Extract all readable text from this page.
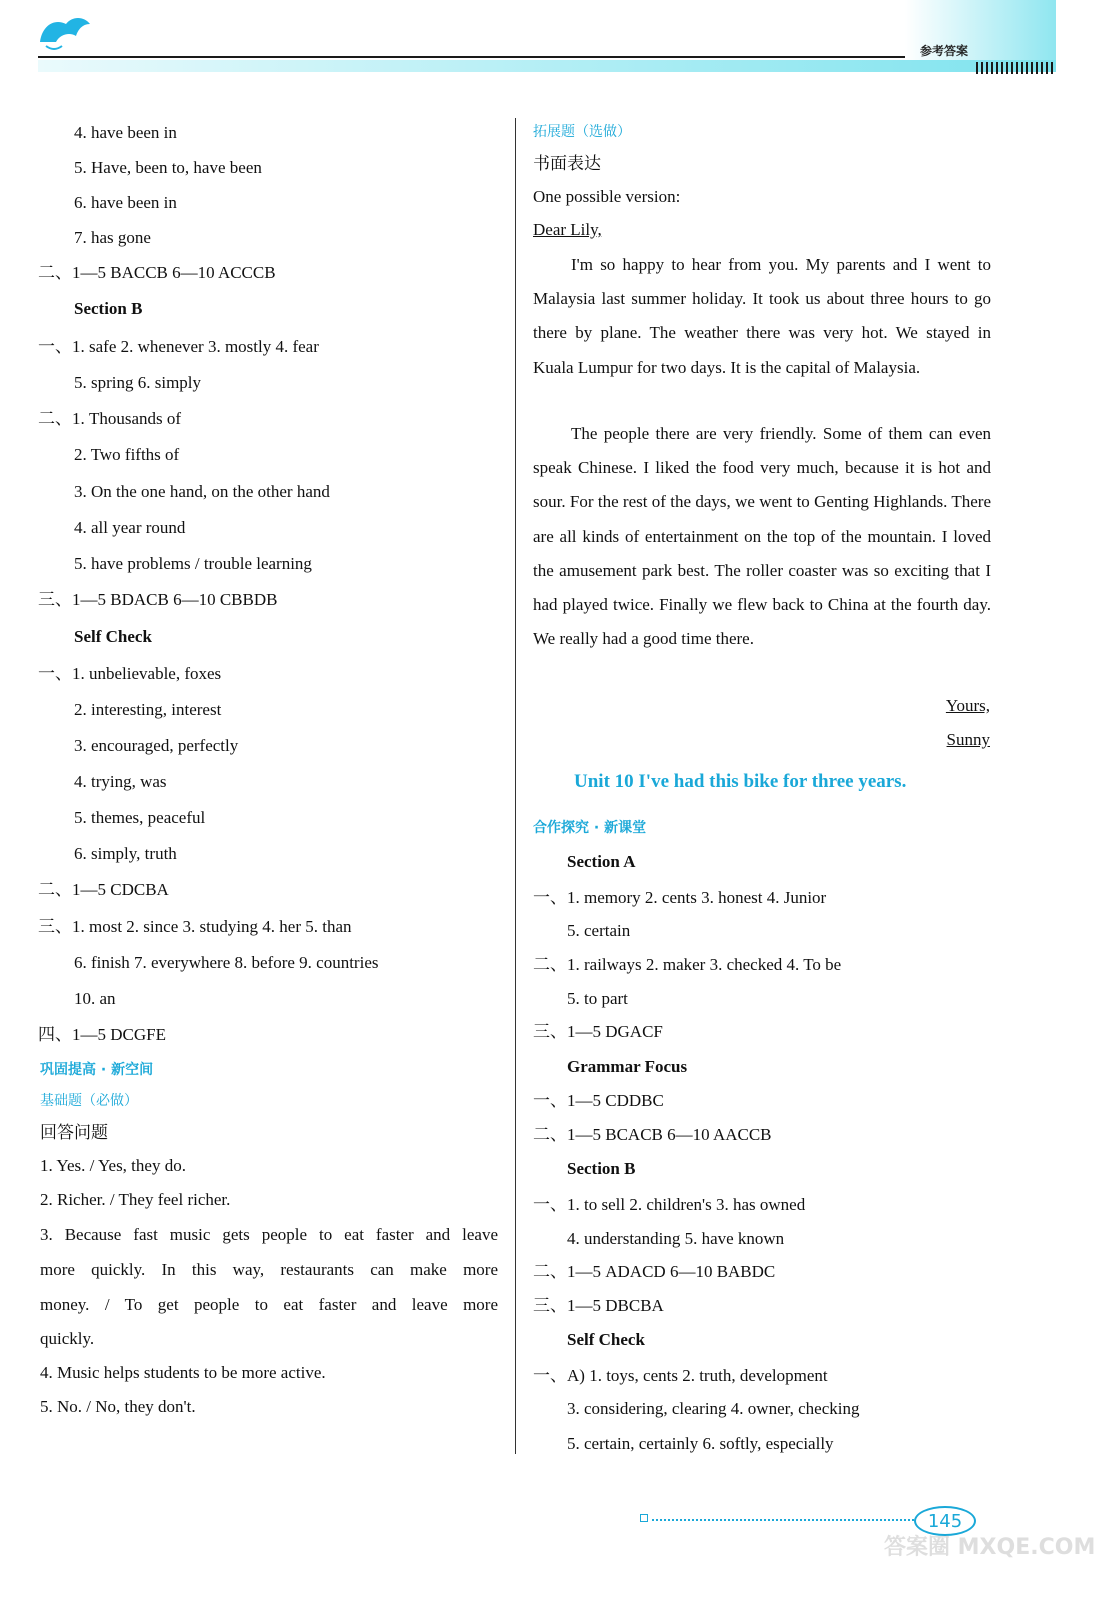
参考答案
4. have been in
5. Have, been to, have been
6. have been in
7. has gone
二、1—5 BACCB 6—10 ACCCB
Section B
一、1. safe 2. whenever 3. mostly 4. fear
5. spring 6. simply
二、1. Thousands of
2. Two fifths of
3. On the one hand, on the other hand
4. all year round
5. have problems / trouble learning
三、1—5 BDACB 6—10 CBBDB
Self Check
一、1. unbelievable, foxes
2. interesting, interest
3. encouraged, perfectly
4. trying, was
5. themes, peaceful
6. simply, truth
二、1—5 CDCBA
三、1. most 2. since 3. studying 4. her 5. than
6. finish 7. everywhere 8. before 9. countries
10. an
四、1—5 DCGFE
巩固提高 · 新空间
基础题（必做）
回答问题
1. Yes. / Yes, they do.
2. Richer. / They feel richer.
3. Because fast music gets people to eat faster and leave
more quickly. In this way, restaurants can make more
money. / To get people to eat faster and leave more
quickly.
4. Music helps students to be more active.
5. No. / No, they don't.
拓展题（选做）
书面表达
One possible version:
Dear Lily,
I'm so happy to hear from you. My parents and I went to Malaysia last summer holiday. It took us about three hours to go there by plane. The weather there was very hot. We stayed in Kuala Lumpur for two days. It is the capital of Malaysia.
The people there are very friendly. Some of them can even speak Chinese. I liked the food very much, because it is hot and sour. For the rest of the days, we went to Genting Highlands. There are all kinds of entertainment on the top of the mountain. I loved the amusement park best. The roller coaster was so exciting that I had played twice. Finally we flew back to China at the fourth day. We really had a good time there.
Yours,
Sunny
Unit 10 I've had this bike for three years.
合作探究 · 新课堂
Section A
一、1. memory 2. cents 3. honest 4. Junior
5. certain
二、1. railways 2. maker 3. checked 4. To be
5. to part
三、1—5 DGACF
Grammar Focus
一、1—5 CDDBC
二、1—5 BCACB 6—10 AACCB
Section B
一、1. to sell 2. children's 3. has owned
4. understanding 5. have known
二、1—5 ADACD 6—10 BABDC
三、1—5 DBCBA
Self Check
一、A) 1. toys, cents 2. truth, development
3. considering, clearing 4. owner, checking
5. certain, certainly 6. softly, especially
145
答案圈 MXQE.COM
